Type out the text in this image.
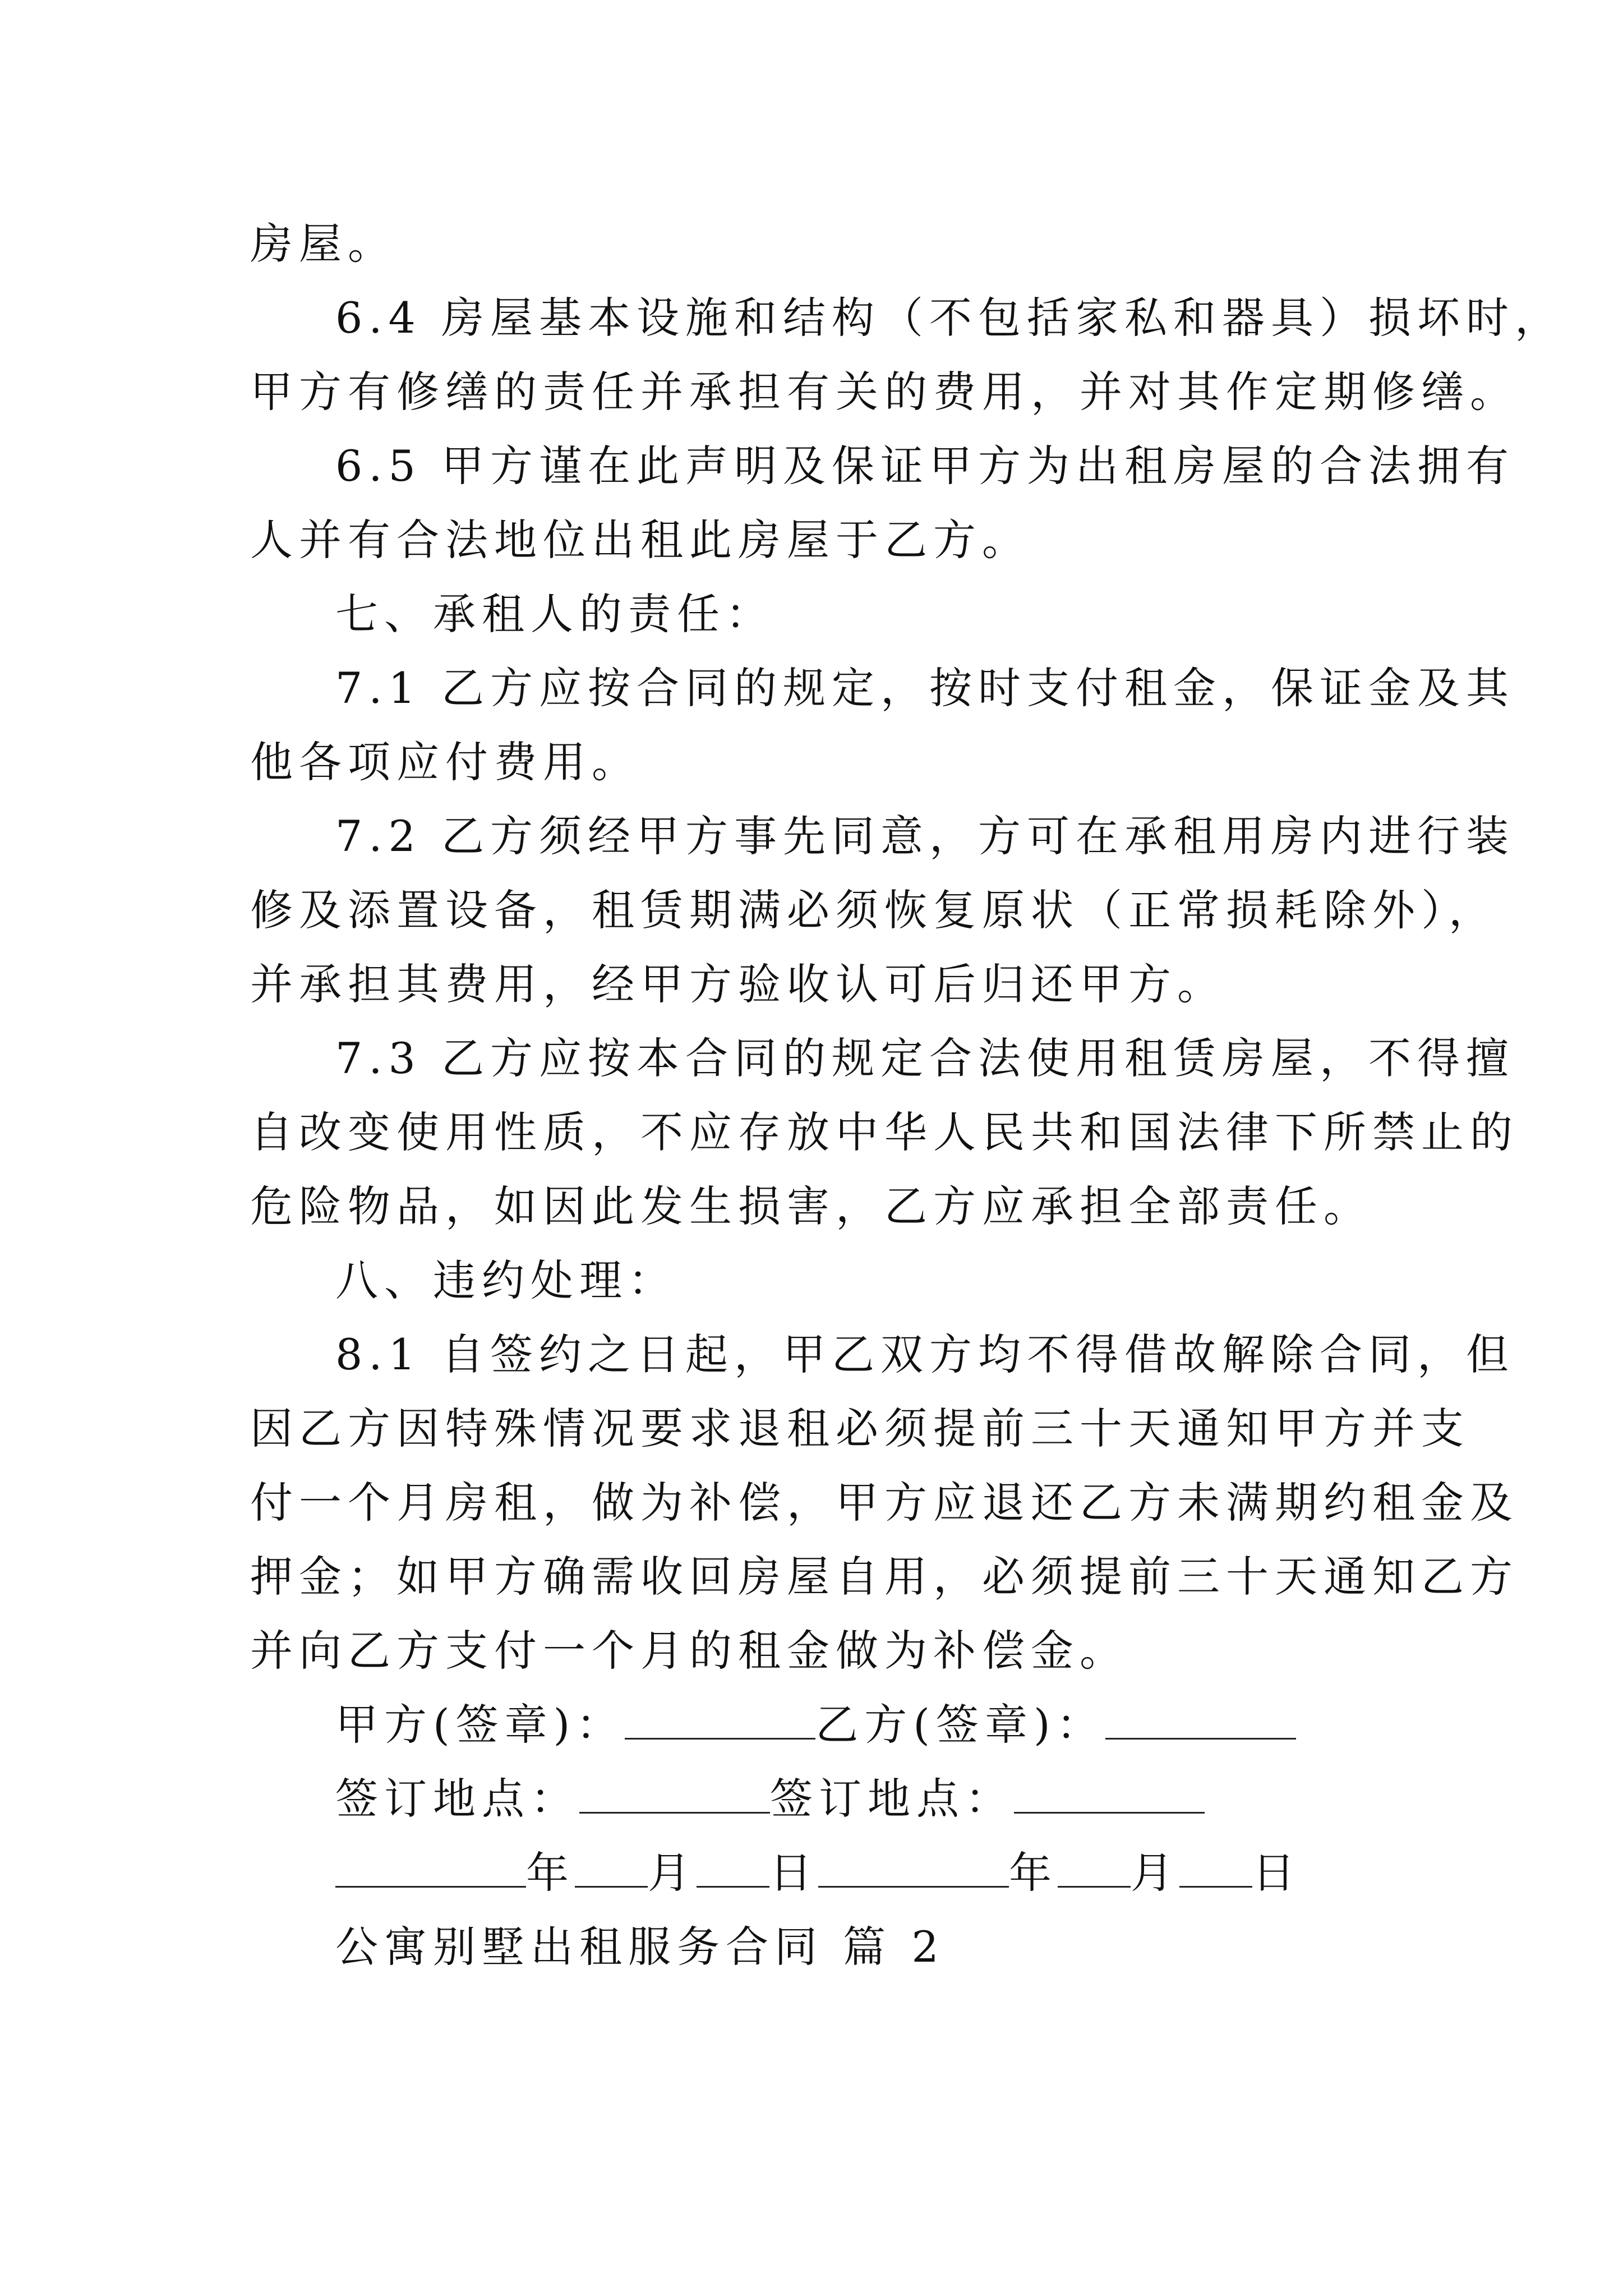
房屋。
6.4 房屋基本设施和结构（不包括家私和器具）损坏时，
甲方有修缮的责任并承担有关的费用，并对其作定期修缮。
6.5 甲方谨在此声明及保证甲方为出租房屋的合法拥有
人并有合法地位出租此房屋于乙方。
七、承租人的责任：
7.1 乙方应按合同的规定，按时支付租金，保证金及其
他各项应付费用。
7.2 乙方须经甲方事先同意，方可在承租用房内进行装
修及添置设备，租赁期满必须恢复原状（正常损耗除外），
并承担其费用，经甲方验收认可后归还甲方。
7.3 乙方应按本合同的规定合法使用租赁房屋，不得擅
自改变使用性质，不应存放中华人民共和国法律下所禁止的
危险物品，如因此发生损害，乙方应承担全部责任。
八、违约处理：
8.1 自签约之日起，甲乙双方均不得借故解除合同，但
因乙方因特殊情况要求退租必须提前三十天通知甲方并支
付一个月房租，做为补偿，甲方应退还乙方未满期约租金及
押金；如甲方确需收回房屋自用，必须提前三十天通知乙方
并向乙方支付一个月的租金做为补偿金。
甲方(签章)：	乙方(签章)：
签订地点：	签订地点：
年 月 日	年 月 日
公寓别墅出租服务合同 篇 2
